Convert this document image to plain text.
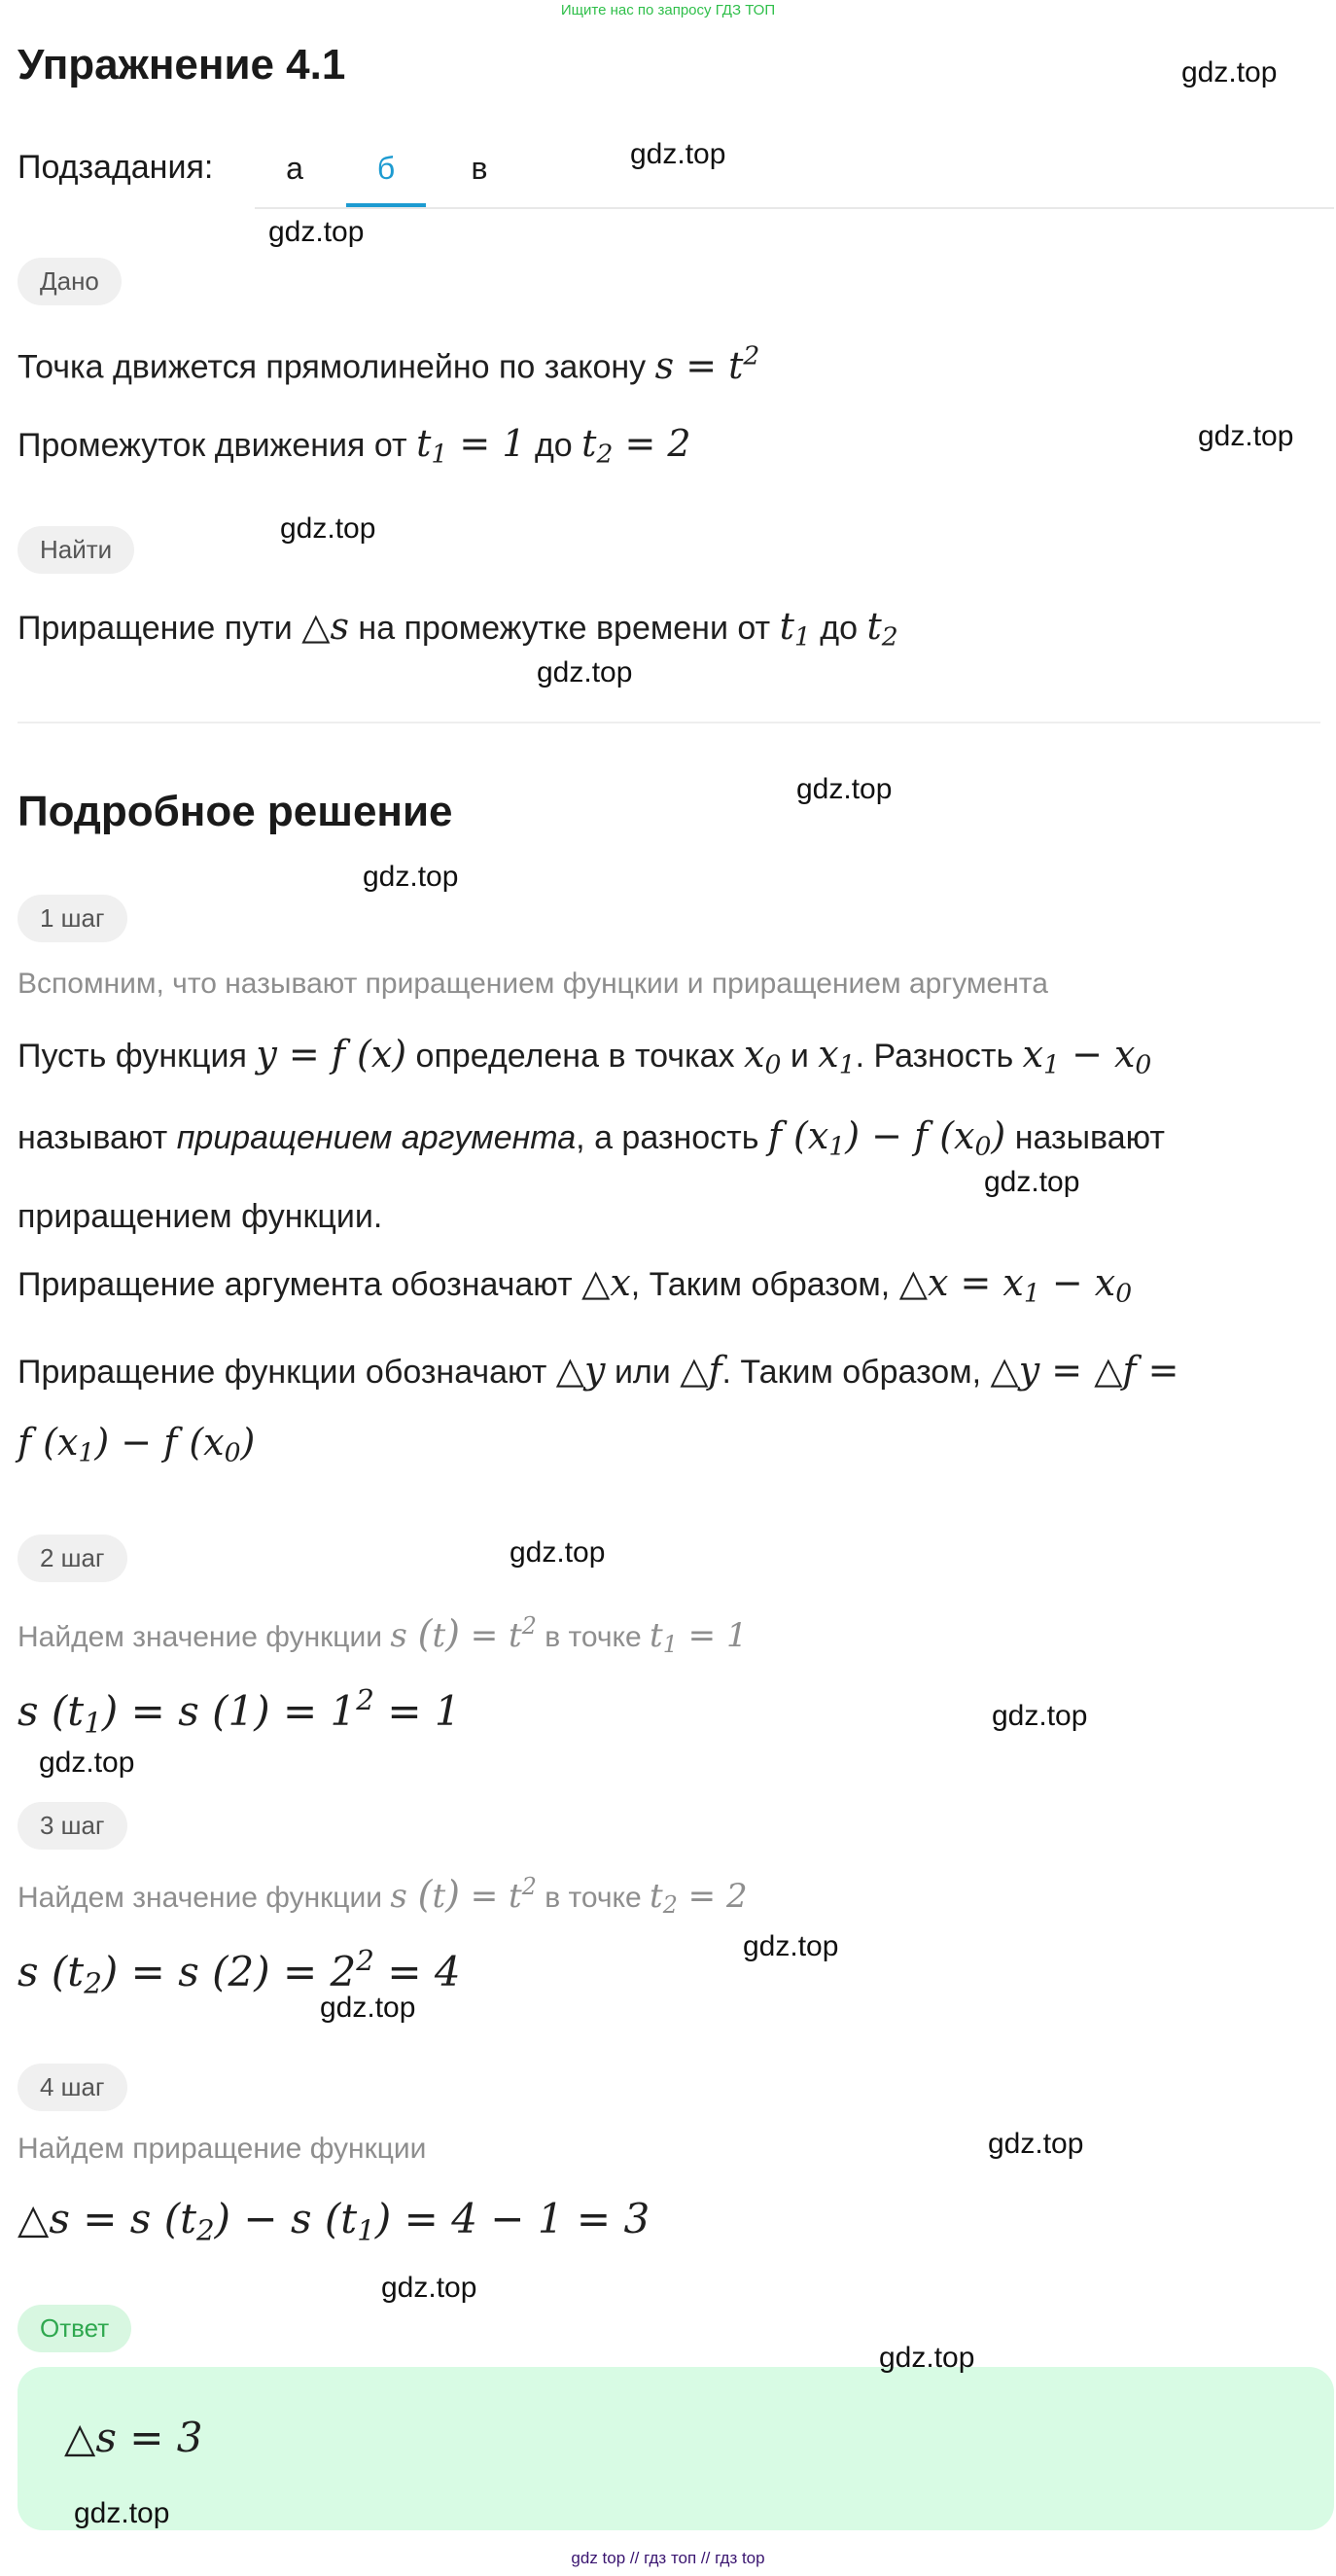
Ищите нас по запросу ГДЗ ТОП
Упражнение 4.1
Подзадания:	а	б	в
Дано
Точка движется прямолинейно по закону $s = t^2$
Промежуток движения от $t_1 = 1$ до $t_2 = 2$
Найти
Приращение пути △s на промежутке времени от $t_1$ до $t_2$
Подробное решение
1 шаг
Вспомним, что называют приращением фунцкии и приращением аргумента
Пусть функция y = f (x) определена в точках $x_0$ и $x_1$. Разность $x_1 - x_0$
называют приращением аргумента, а разность f $(x_1) - f$ $(x_0)$ называют
приращением функции.
Приращение аргумента обозначают △x, Таким образом, △x = $x_1 - x_0$
Приращение функции обозначают △y или △f. Таким образом, △y = △f =
f $(x_1) - f$ $(x_0)$
2 шаг
Найдем значение функции s $(t) = t^2$ в точке $t_1 = 1$
s $(t_1) = s$ $(1) = 1^2 = 1$
3 шаг
Найдем значение функции s $(t) = t^2$ в точке $t_2 = 2$
s $(t_2) = s$ $(2) = 2^2 = 4$
4 шаг
Найдем приращение функции
△s = s $(t_2) - s$ $(t_1) = 4 - 1 = 3$
Ответ
△s = 3
gdz.top
gdz.top
gdz.top
gdz.top
gdz.top
gdz.top
gdz.top
gdz.top
gdz.top
gdz.top
gdz.top
gdz.top
gdz.top
gdz.top
gdz.top
gdz.top
gdz.top
gdz.top
gdz top // гдз топ // гдз top
